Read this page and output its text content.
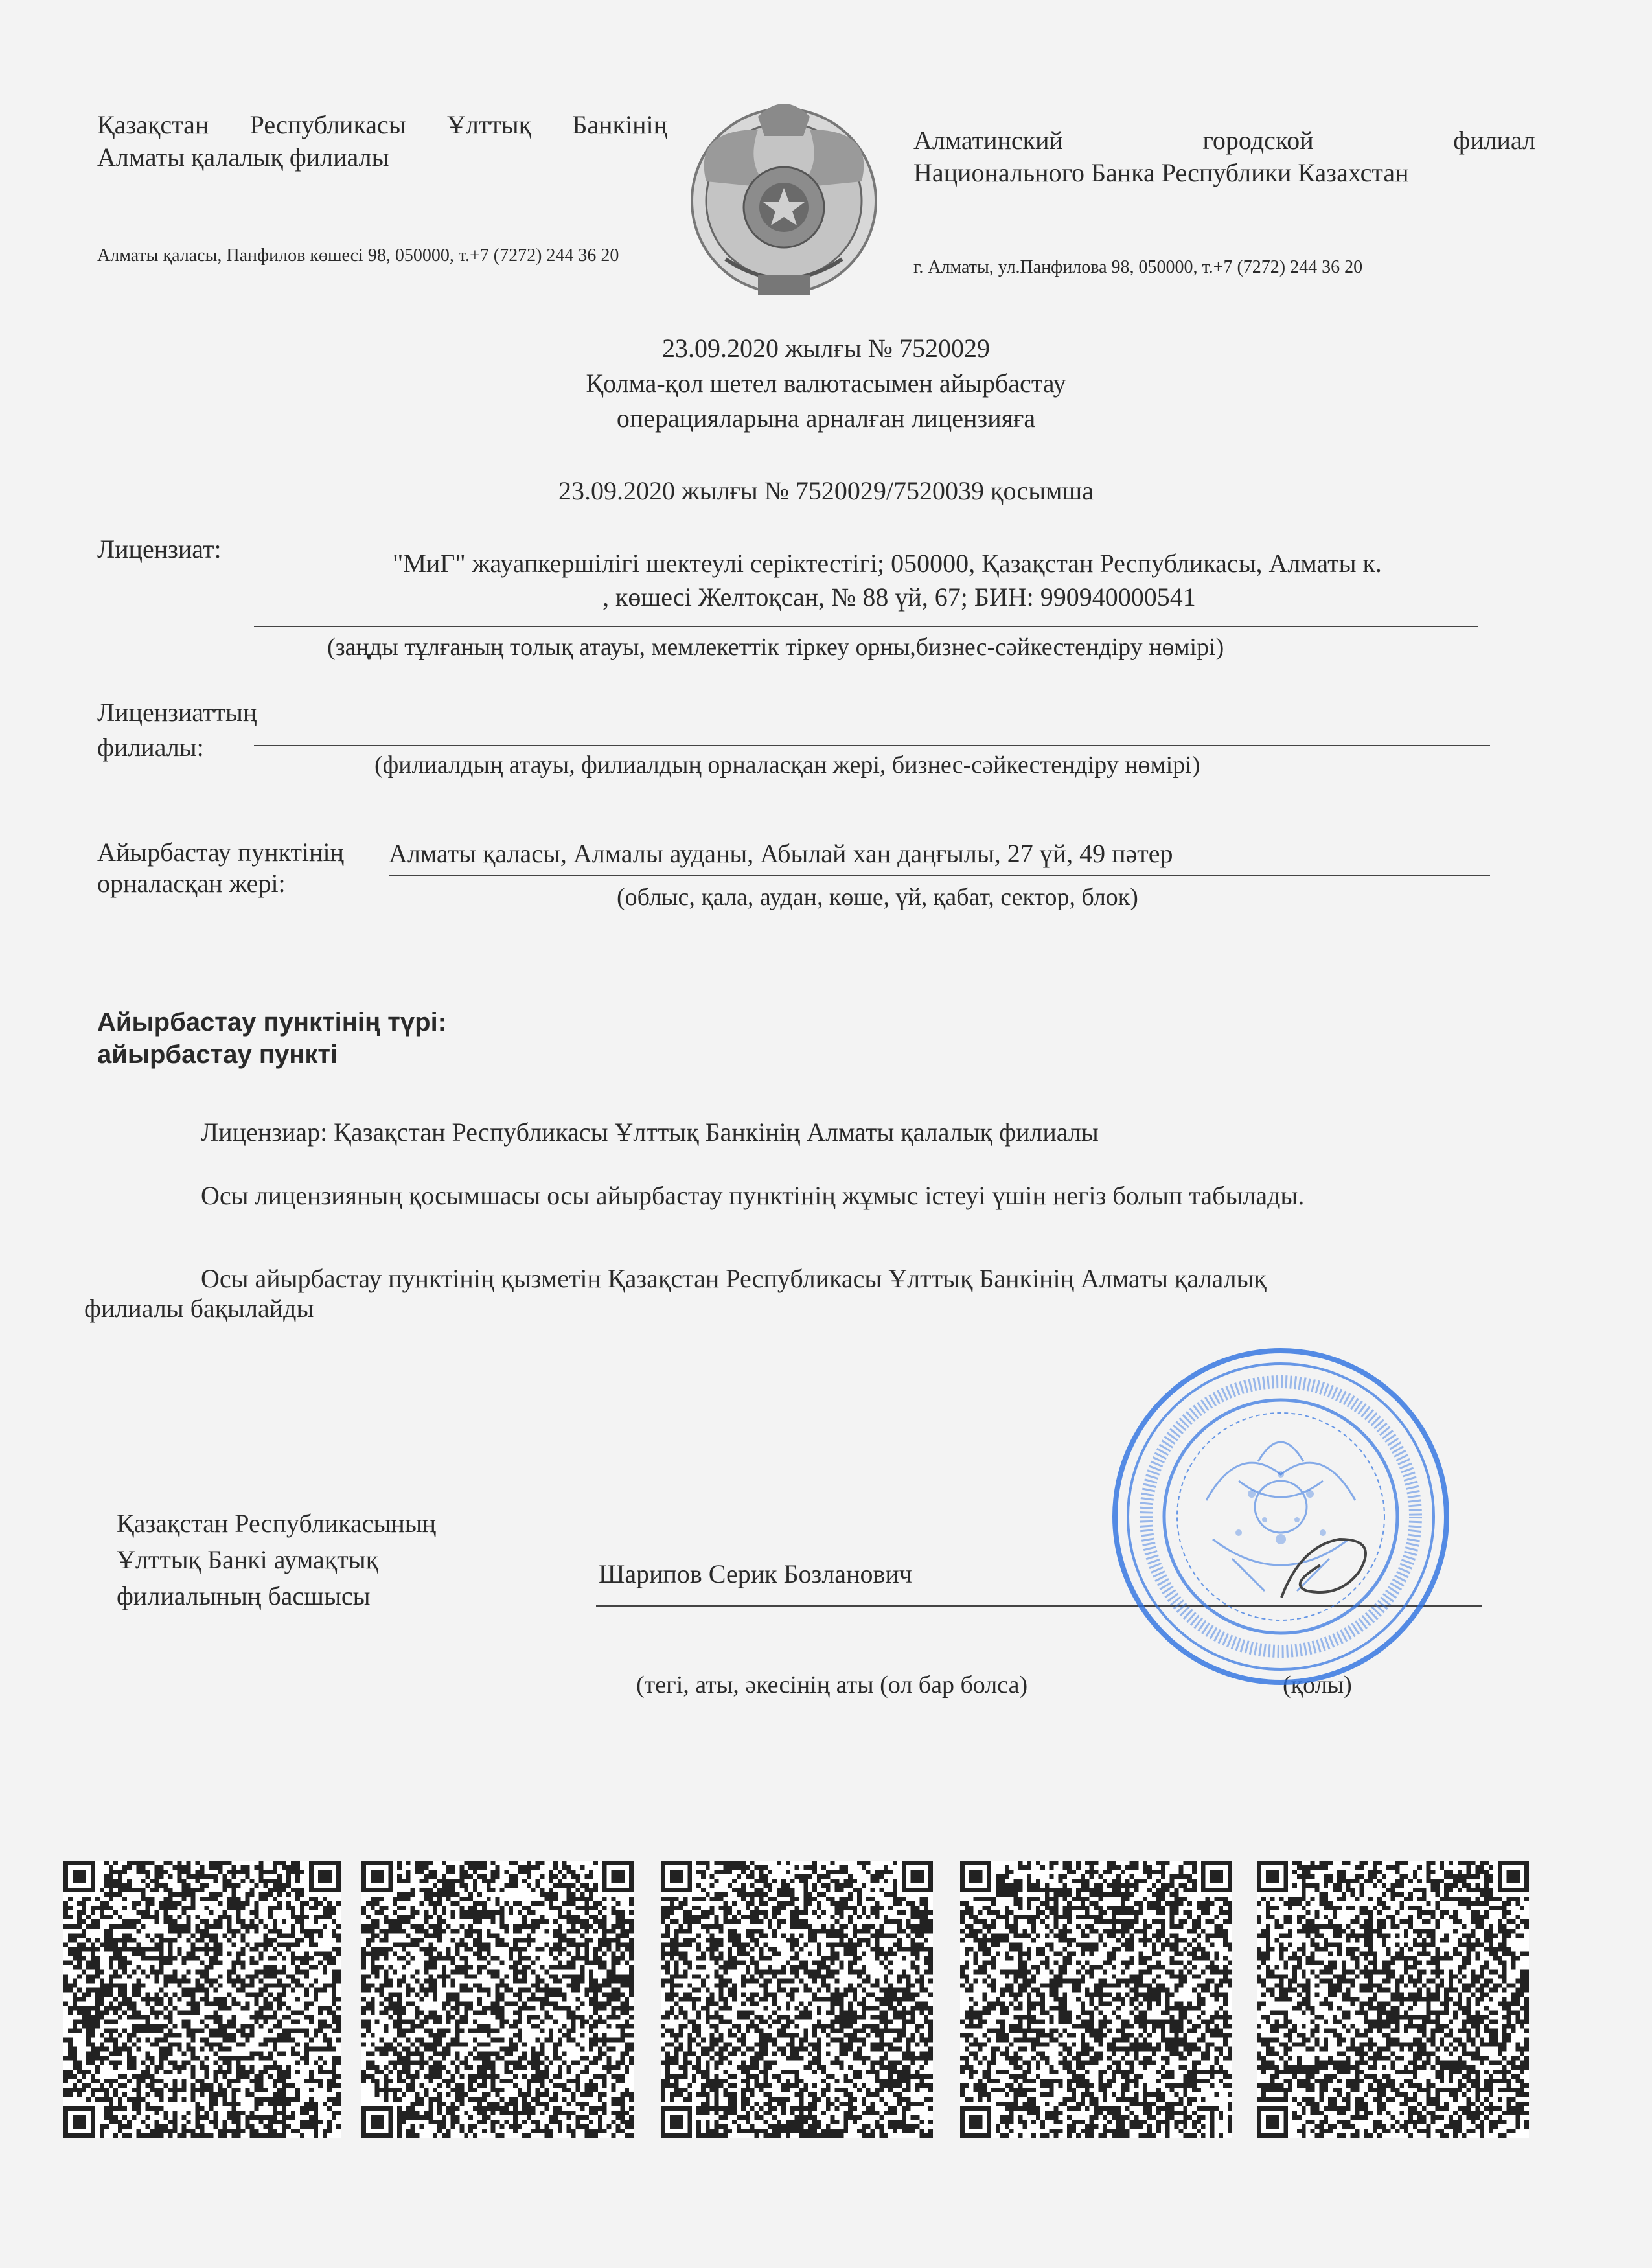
Қазақстан Республикасы Ұлттық Банкінің
Алматы қалалық филиалы
Алматы қаласы, Панфилов көшесі 98, 050000, т.+7 (7272) 244 36 20
Алматинский городской филиал
Национального Банка Республики Казахстан
г. Алматы, ул.Панфилова 98, 050000, т.+7 (7272) 244 36 20
23.09.2020 жылғы № 7520029
Қолма-қол шетел валютасымен айырбастау
операцияларына арналған лицензияға
23.09.2020 жылғы № 7520029/7520039 қосымша
Лицензиат:	"МиГ" жауапкершілігі шектеулі серіктестігі; 050000, Қазақстан Республикасы, Алматы к.
, көшесі Желтоқсан, № 88 үй, 67; БИН: 990940000541
(заңды тұлғаның толық атауы, мемлекеттік тіркеу орны,бизнес-сәйкестендіру нөмірі)
Лицензиаттың
филиалы:
(филиалдың атауы, филиалдың орналасқан жері, бизнес-сәйкестендіру нөмірі)
Айырбастау пунктінің
орналасқан жері:
Алматы қаласы, Алмалы ауданы, Абылай хан даңғылы, 27 үй, 49 пәтер
(облыс, қала, аудан, көше, үй, қабат, сектор, блок)
Айырбастау пунктінің түрі:
айырбастау пункті
Лицензиар: Қазақстан Республикасы Ұлттық Банкінің Алматы қалалық филиалы
Осы лицензияның қосымшасы осы айырбастау пунктінің жұмыс істеуі үшін негіз болып табылады.
Осы айырбастау пунктінің қызметін Қазақстан Республикасы Ұлттық Банкінің Алматы қалалық
филиалы бақылайды
Қазақстан Республикасының
Ұлттық Банкі аумақтық
филиалының басшысы
Шарипов Серик Бозланович
(тегі, аты, әкесінің аты (ол бар болса)	(қолы)
